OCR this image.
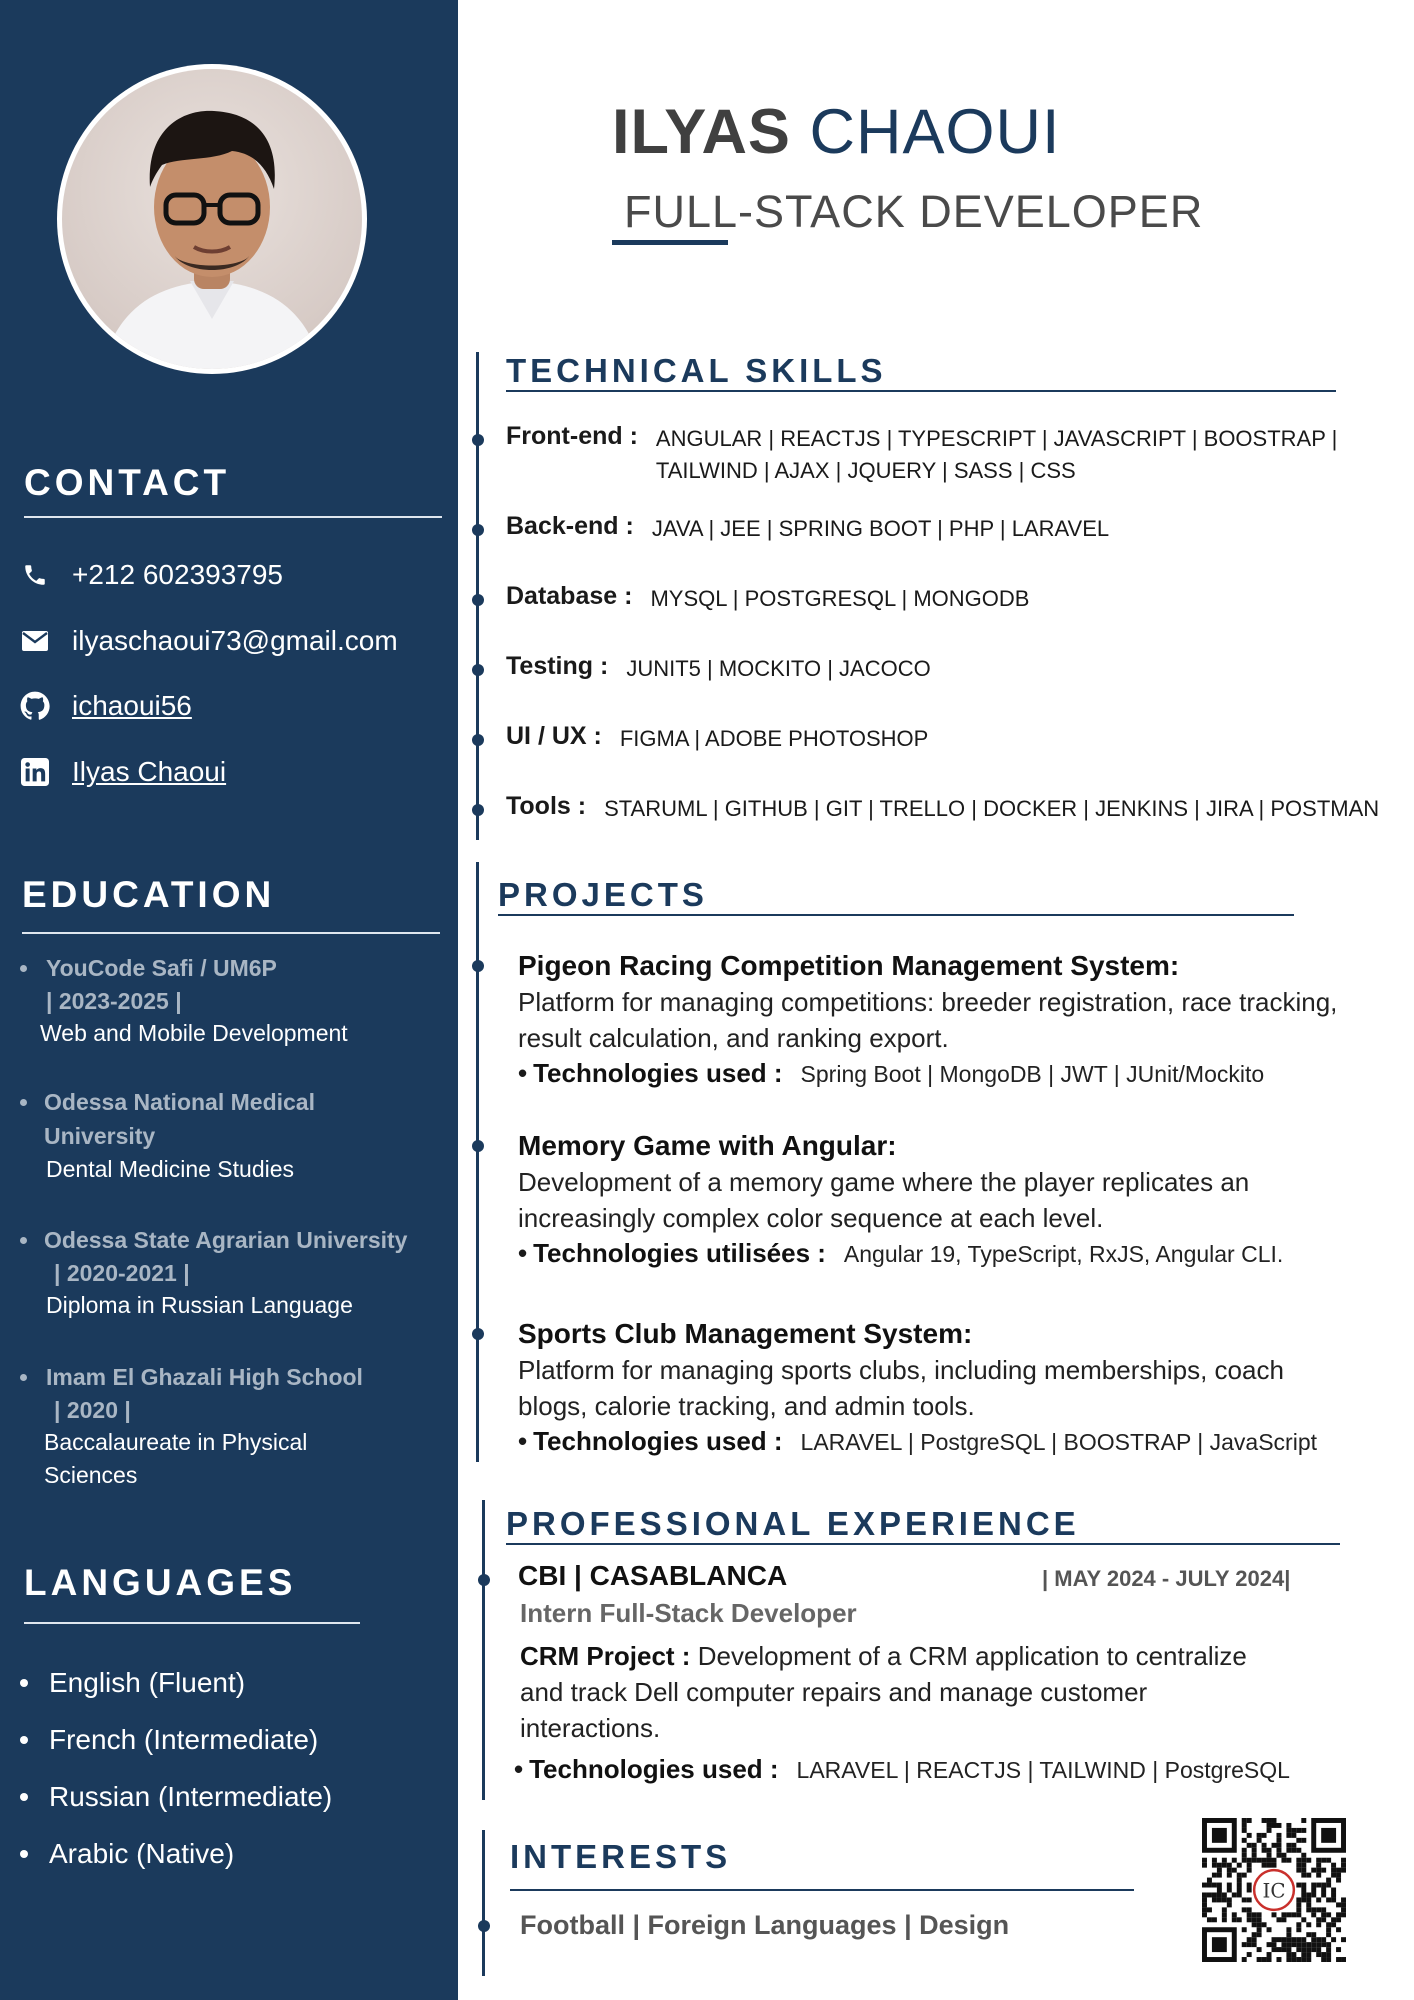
CONTACT
+212 602393795
ilyaschaoui73@gmail.com
ichaoui56
Ilyas Chaoui
EDUCATION
YouCode Safi / UM6P
| 2023-2025 |
Web and Mobile Development
Odessa National Medical University
Dental Medicine Studies
Odessa State Agrarian University
| 2020-2021 |
Diploma in Russian Language
Imam El Ghazali High School
| 2020 |
Baccalaureate in Physical Sciences
LANGUAGES
English (Fluent)
French (Intermediate)
Russian (Intermediate)
Arabic (Native)
ILYAS CHAOUI
FULL-STACK DEVELOPER
TECHNICAL SKILLS
Front-end : ANGULAR | REACTJS | TYPESCRIPT | JAVASCRIPT | BOOSTRAP |
TAILWIND | AJAX | JQUERY | SASS | CSS
Back-end : JAVA | JEE | SPRING BOOT | PHP | LARAVEL
Database : MYSQL | POSTGRESQL | MONGODB
Testing : JUNIT5 | MOCKITO | JACOCO
UI / UX : FIGMA | ADOBE PHOTOSHOP
Tools : STARUML | GITHUB | GIT | TRELLO | DOCKER | JENKINS | JIRA | POSTMAN
PROJECTS
Pigeon Racing Competition Management System:
Platform for managing competitions: breeder registration, race tracking, result calculation, and ranking export.
• Technologies used : Spring Boot | MongoDB | JWT | JUnit/Mockito
Memory Game with Angular:
Development of a memory game where the player replicates an increasingly complex color sequence at each level.
• Technologies utilisées : Angular 19, TypeScript, RxJS, Angular CLI.
Sports Club Management System:
Platform for managing sports clubs, including memberships, coach blogs, calorie tracking, and admin tools.
• Technologies used : LARAVEL | PostgreSQL | BOOSTRAP | JavaScript
PROFESSIONAL EXPERIENCE
CBI | CASABLANCA	| MAY 2024 - JULY 2024|
Intern Full-Stack Developer
CRM Project : Development of a CRM application to centralize and track Dell computer repairs and manage customer interactions.
• Technologies used : LARAVEL | REACTJS | TAILWIND | PostgreSQL
INTERESTS
Football | Foreign Languages | Design
IC
